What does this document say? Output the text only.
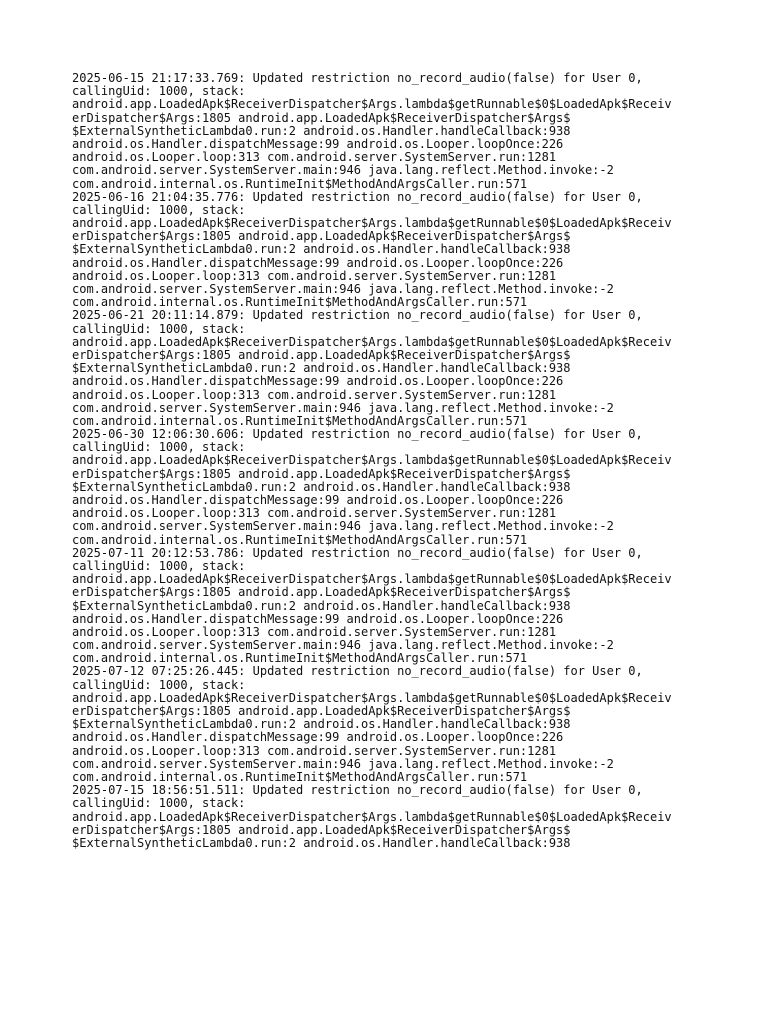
2025-06-15 21:17:33.769: Updated restriction no_record_audio(false) for User 0,
callingUid: 1000, stack:
android.app.LoadedApk$ReceiverDispatcher$Args.lambda$getRunnable$0$LoadedApk$Receiv
erDispatcher$Args:1805 android.app.LoadedApk$ReceiverDispatcher$Args$
$ExternalSyntheticLambda0.run:2 android.os.Handler.handleCallback:938
android.os.Handler.dispatchMessage:99 android.os.Looper.loopOnce:226
android.os.Looper.loop:313 com.android.server.SystemServer.run:1281
com.android.server.SystemServer.main:946 java.lang.reflect.Method.invoke:-2
com.android.internal.os.RuntimeInit$MethodAndArgsCaller.run:571
2025-06-16 21:04:35.776: Updated restriction no_record_audio(false) for User 0,
callingUid: 1000, stack:
android.app.LoadedApk$ReceiverDispatcher$Args.lambda$getRunnable$0$LoadedApk$Receiv
erDispatcher$Args:1805 android.app.LoadedApk$ReceiverDispatcher$Args$
$ExternalSyntheticLambda0.run:2 android.os.Handler.handleCallback:938
android.os.Handler.dispatchMessage:99 android.os.Looper.loopOnce:226
android.os.Looper.loop:313 com.android.server.SystemServer.run:1281
com.android.server.SystemServer.main:946 java.lang.reflect.Method.invoke:-2
com.android.internal.os.RuntimeInit$MethodAndArgsCaller.run:571
2025-06-21 20:11:14.879: Updated restriction no_record_audio(false) for User 0,
callingUid: 1000, stack:
android.app.LoadedApk$ReceiverDispatcher$Args.lambda$getRunnable$0$LoadedApk$Receiv
erDispatcher$Args:1805 android.app.LoadedApk$ReceiverDispatcher$Args$
$ExternalSyntheticLambda0.run:2 android.os.Handler.handleCallback:938
android.os.Handler.dispatchMessage:99 android.os.Looper.loopOnce:226
android.os.Looper.loop:313 com.android.server.SystemServer.run:1281
com.android.server.SystemServer.main:946 java.lang.reflect.Method.invoke:-2
com.android.internal.os.RuntimeInit$MethodAndArgsCaller.run:571
2025-06-30 12:06:30.606: Updated restriction no_record_audio(false) for User 0,
callingUid: 1000, stack:
android.app.LoadedApk$ReceiverDispatcher$Args.lambda$getRunnable$0$LoadedApk$Receiv
erDispatcher$Args:1805 android.app.LoadedApk$ReceiverDispatcher$Args$
$ExternalSyntheticLambda0.run:2 android.os.Handler.handleCallback:938
android.os.Handler.dispatchMessage:99 android.os.Looper.loopOnce:226
android.os.Looper.loop:313 com.android.server.SystemServer.run:1281
com.android.server.SystemServer.main:946 java.lang.reflect.Method.invoke:-2
com.android.internal.os.RuntimeInit$MethodAndArgsCaller.run:571
2025-07-11 20:12:53.786: Updated restriction no_record_audio(false) for User 0,
callingUid: 1000, stack:
android.app.LoadedApk$ReceiverDispatcher$Args.lambda$getRunnable$0$LoadedApk$Receiv
erDispatcher$Args:1805 android.app.LoadedApk$ReceiverDispatcher$Args$
$ExternalSyntheticLambda0.run:2 android.os.Handler.handleCallback:938
android.os.Handler.dispatchMessage:99 android.os.Looper.loopOnce:226
android.os.Looper.loop:313 com.android.server.SystemServer.run:1281
com.android.server.SystemServer.main:946 java.lang.reflect.Method.invoke:-2
com.android.internal.os.RuntimeInit$MethodAndArgsCaller.run:571
2025-07-12 07:25:26.445: Updated restriction no_record_audio(false) for User 0,
callingUid: 1000, stack:
android.app.LoadedApk$ReceiverDispatcher$Args.lambda$getRunnable$0$LoadedApk$Receiv
erDispatcher$Args:1805 android.app.LoadedApk$ReceiverDispatcher$Args$
$ExternalSyntheticLambda0.run:2 android.os.Handler.handleCallback:938
android.os.Handler.dispatchMessage:99 android.os.Looper.loopOnce:226
android.os.Looper.loop:313 com.android.server.SystemServer.run:1281
com.android.server.SystemServer.main:946 java.lang.reflect.Method.invoke:-2
com.android.internal.os.RuntimeInit$MethodAndArgsCaller.run:571
2025-07-15 18:56:51.511: Updated restriction no_record_audio(false) for User 0,
callingUid: 1000, stack:
android.app.LoadedApk$ReceiverDispatcher$Args.lambda$getRunnable$0$LoadedApk$Receiv
erDispatcher$Args:1805 android.app.LoadedApk$ReceiverDispatcher$Args$
$ExternalSyntheticLambda0.run:2 android.os.Handler.handleCallback:938
